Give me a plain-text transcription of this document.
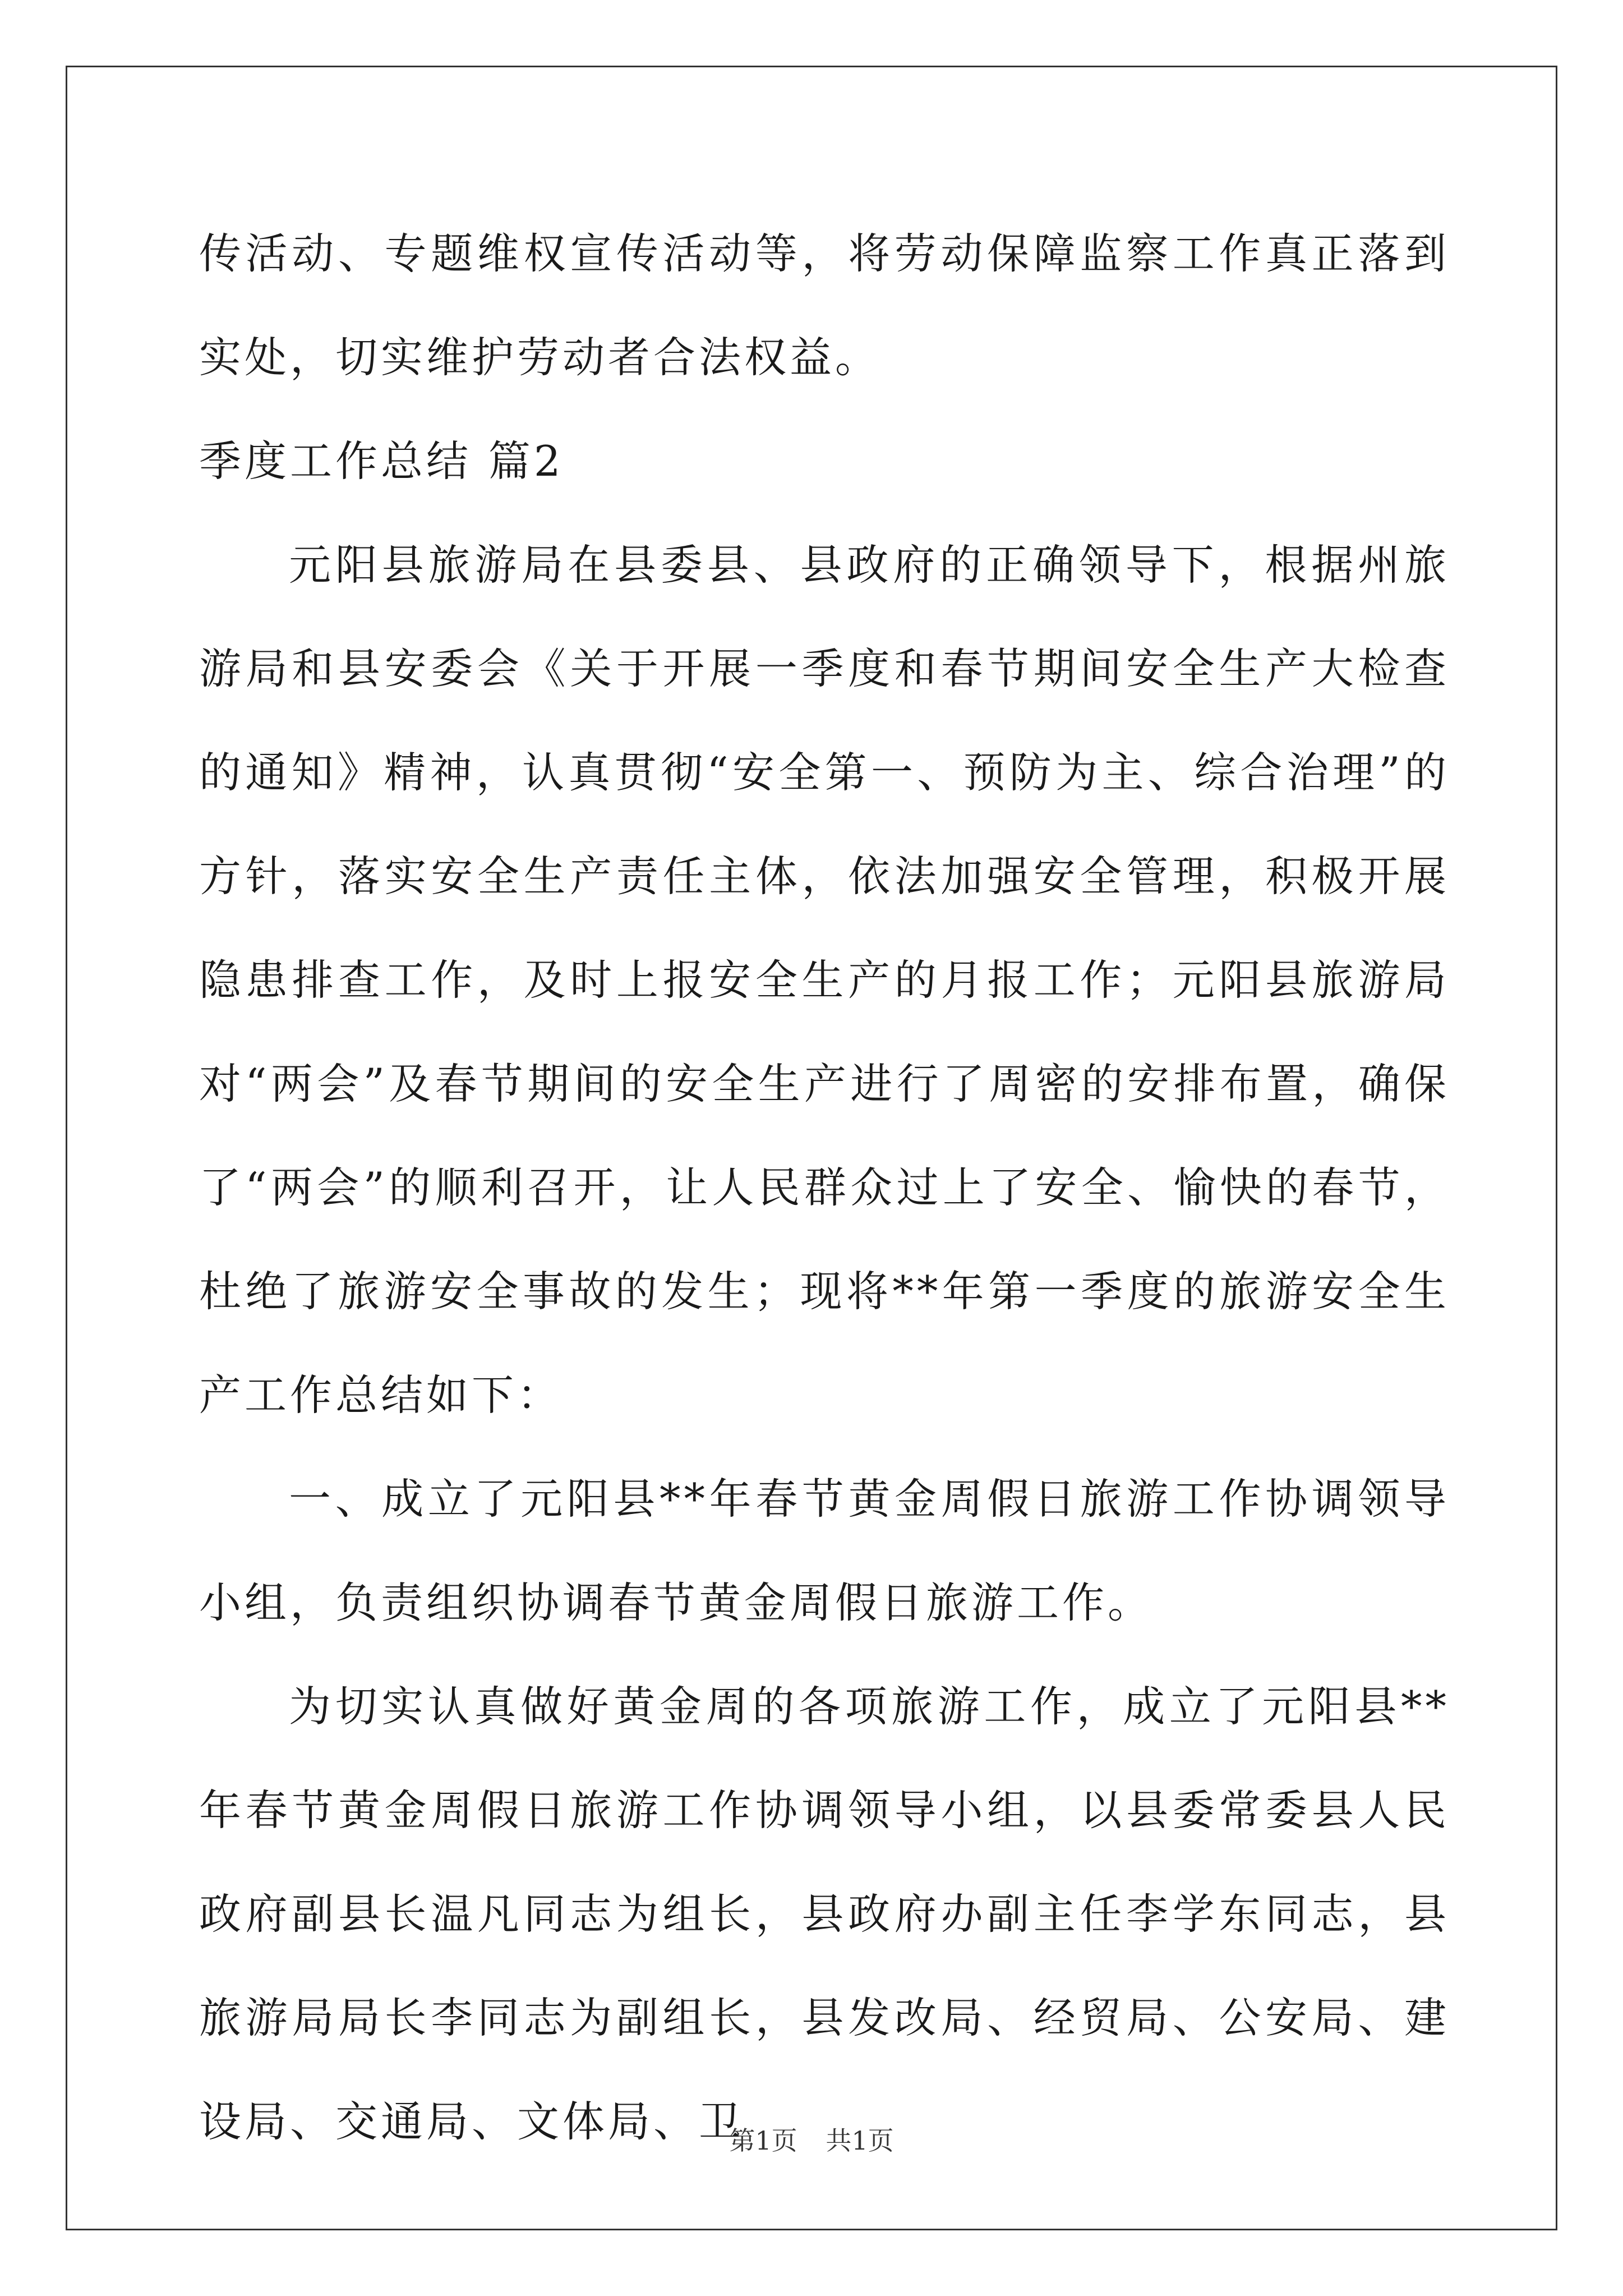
传活动、专题维权宣传活动等，将劳动保障监察工作真正落到实处，切实维护劳动者合法权益。

季度工作总结 篇2

元阳县旅游局在县委县、县政府的正确领导下，根据州旅游局和县安委会《关于开展一季度和春节期间安全生产大检查的通知》精神，认真贯彻“安全第一、预防为主、综合治理”的方针，落实安全生产责任主体，依法加强安全管理，积极开展隐患排查工作，及时上报安全生产的月报工作；元阳县旅游局对“两会”及春节期间的安全生产进行了周密的安排布置，确保了“两会”的顺利召开，让人民群众过上了安全、愉快的春节，杜绝了旅游安全事故的发生；现将**年第一季度的旅游安全生产工作总结如下：

一、成立了元阳县**年春节黄金周假日旅游工作协调领导小组，负责组织协调春节黄金周假日旅游工作。

为切实认真做好黄金周的各项旅游工作，成立了元阳县**年春节黄金周假日旅游工作协调领导小组，以县委常委县人民政府副县长温凡同志为组长，县政府办副主任李学东同志，县旅游局局长李同志为副组长，县发改局、经贸局、公安局、建设局、交通局、文体局、卫

第1页 共1页
